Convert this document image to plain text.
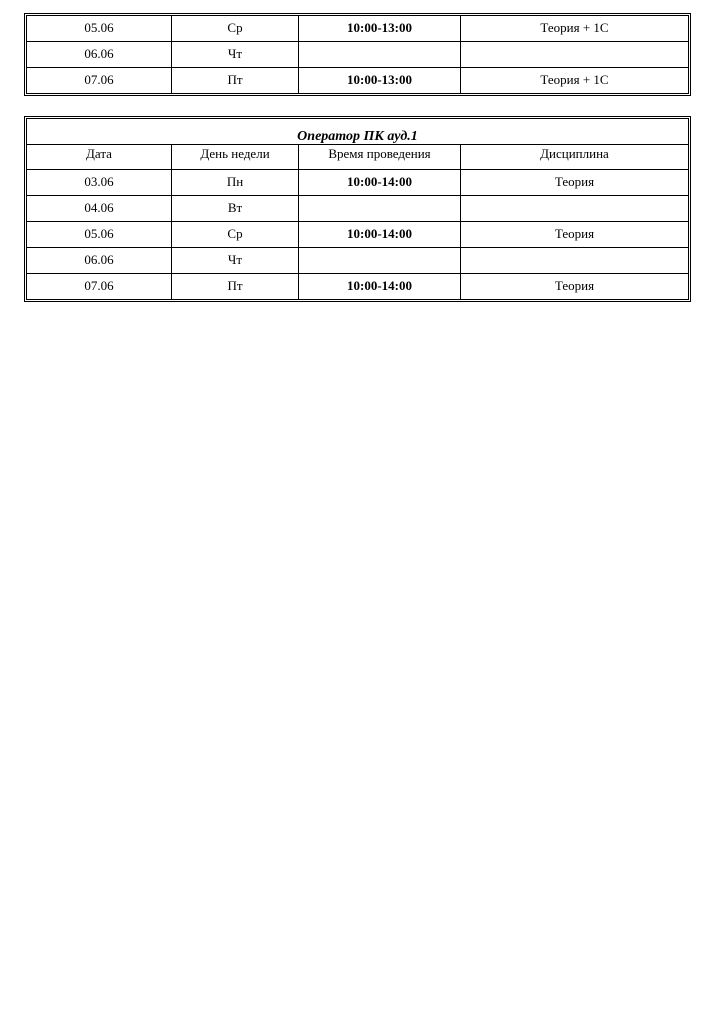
05.06	Ср	10:00-13:00	Теория + 1С
06.06	Чт		
07.06	Пт	10:00-13:00	Теория + 1С
Оператор ПК ауд.1			
Дата	День недели	Время проведения	Дисциплина
03.06	Пн	10:00-14:00	Теория
04.06	Вт		
05.06	Ср	10:00-14:00	Теория
06.06	Чт		
07.06	Пт	10:00-14:00	Теория
